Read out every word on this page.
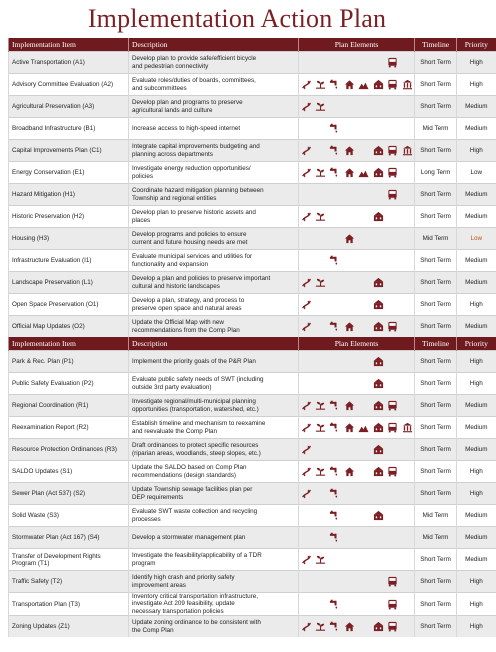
Implementation Action Plan
Implementation Item	Description	Plan Elements								Timeline	Priority
Active Transportation (A1)	Develop plan to provide safe/efficient bicycle
and pedestrian connectivity									Short Term	High
Advisory Committee Evaluation (A2)	Evaluate roles/duties of boards, committees,
and subcommittees									Short Term	High
Agricultural Preservation (A3)	Develop plan and programs to preserve
agricultural lands and culture									Short Term	Medium
Broadband Infrastructure (B1)	Increase access to high-speed internet									Mid Term	Medium
Capital Improvements Plan (C1)	Integrate capital improvements budgeting and
planning across departments									Short Term	High
Energy Conservation (E1)	Investigate energy reduction opportunities/
policies									Long Term	Low
Hazard Mitigation (H1)	Coordinate hazard mitigation planning between
Township and regional entities									Short Term	Medium
Historic Preservation (H2)	Develop plan to preserve historic assets and
places									Short Term	Medium
Housing (H3)	Develop programs and policies to ensure
current and future housing needs are met									Mid Term	Low
Infrastructure Evaluation (I1)	Evaluate municipal services and utilities for
functionality and expansion									Short Term	Medium
Landscape Preservation (L1)	Develop a plan and policies to preserve important
cultural and historic landscapes									Short Term	Medium
Open Space Preservation (O1)	Develop a plan, strategy, and process to
preserve open space and natural areas									Short Term	High
Official Map Updates (O2)	Update the Official Map with new
recommendations from the Comp Plan									Short Term	Medium
Implementation Item	Description	Plan Elements								Timeline	Priority
Park & Rec. Plan (P1)	Implement the priority goals of the P&R Plan									Short Term	High
Public Safety Evaluation (P2)	Evaluate public safety needs of SWT (including
outside 3rd party evaluation)									Short Term	High
Regional Coordination (R1)	Investigate regional/multi-municipal planning
opportunities (transportation, watershed, etc.)									Short Term	Medium
Reexamination Report (R2)	Establish timeline and mechanism to reexamine
and reevaluate the Comp Plan									Short Term	Medium
Resource Protection Ordinances (R3)	Draft ordinances to protect specific resources
(riparian areas, woodlands, steep slopes, etc.)									Short Term	Medium
SALDO Updates (S1)	Update the SALDO based on Comp Plan
recommendations (design standards)									Short Term	High
Sewer Plan (Act 537) (S2)	Update Township sewage facilities plan per
DEP requirements									Short Term	High
Solid Waste (S3)	Evaluate SWT waste collection and recycling
processes									Mid Term	Medium
Stormwater Plan (Act 167) (S4)	Develop a stormwater management plan									Mid Term	Medium
Transfer of Development Rights
Program (T1)	Investigate the feasibility/applicability of a TDR
program									Short Term	Medium
Traffic Safety (T2)	Identify high crash and priority safety
improvement areas									Short Term	High
Transportation Plan (T3)	Inventory critical transportation infrastructure,
investigate Act 209 feasibility, update
necessary transportation policies									Short Term	High
Zoning Updates (Z1)	Update zoning ordinance to be consistent with
the Comp Plan									Short Term	High
